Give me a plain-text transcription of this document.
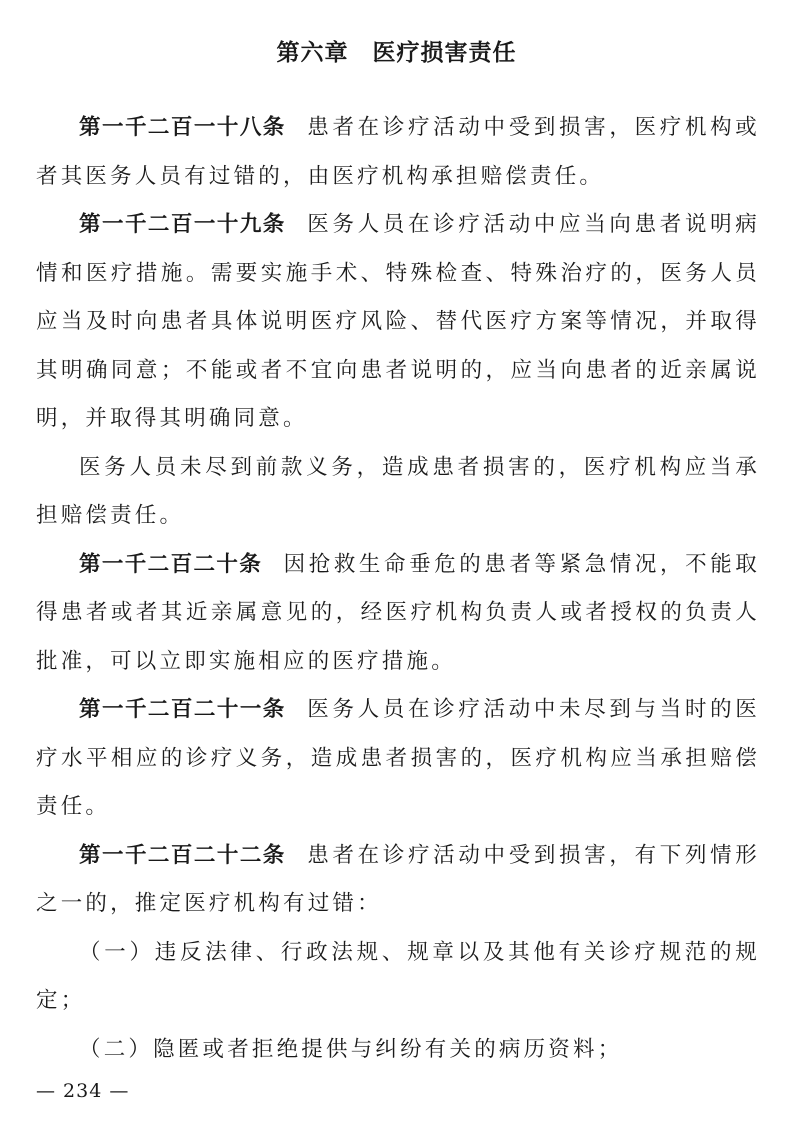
第六章　医疗损害责任

第一千二百一十八条 患者在诊疗活动中受到损害，医疗机构或者其医务人员有过错的，由医疗机构承担赔偿责任。

第一千二百一十九条 医务人员在诊疗活动中应当向患者说明病情和医疗措施。需要实施手术、特殊检查、特殊治疗的，医务人员应当及时向患者具体说明医疗风险、替代医疗方案等情况，并取得其明确同意；不能或者不宜向患者说明的，应当向患者的近亲属说明，并取得其明确同意。

医务人员未尽到前款义务，造成患者损害的，医疗机构应当承担赔偿责任。

第一千二百二十条 因抢救生命垂危的患者等紧急情况，不能取得患者或者其近亲属意见的，经医疗机构负责人或者授权的负责人批准，可以立即实施相应的医疗措施。

第一千二百二十一条 医务人员在诊疗活动中未尽到与当时的医疗水平相应的诊疗义务，造成患者损害的，医疗机构应当承担赔偿责任。

第一千二百二十二条 患者在诊疗活动中受到损害，有下列情形之一的，推定医疗机构有过错：

（一）违反法律、行政法规、规章以及其他有关诊疗规范的规定；

（二）隐匿或者拒绝提供与纠纷有关的病历资料；

— 234 —
